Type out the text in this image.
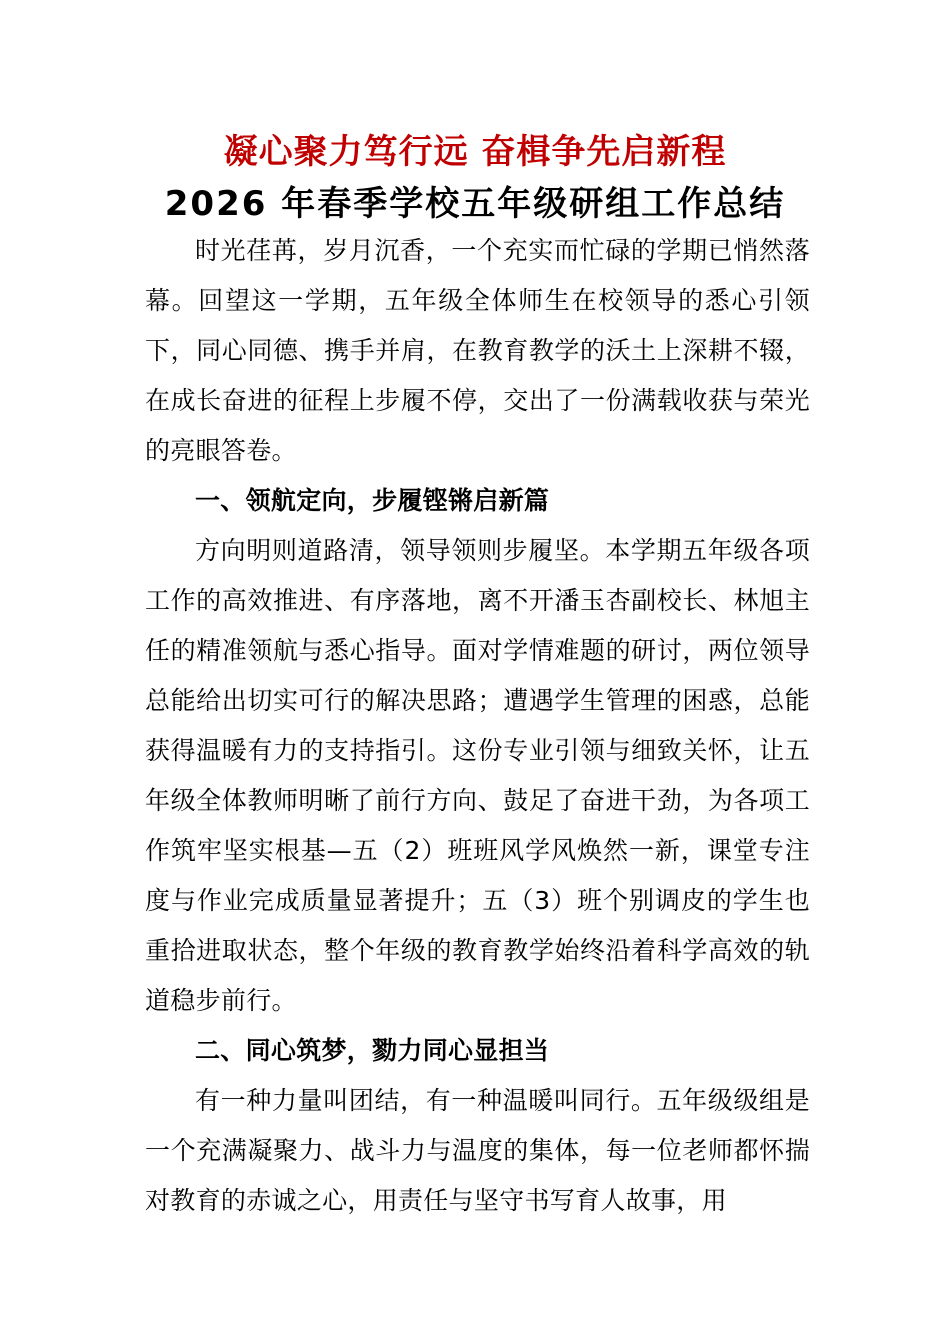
凝心聚力笃行远 奋楫争先启新程
2026 年春季学校五年级研组工作总结

时光荏苒，岁月沉香，一个充实而忙碌的学期已悄然落幕。回望这一学期，五年级全体师生在校领导的悉心引领下，同心同德、携手并肩，在教育教学的沃土上深耕不辍，在成长奋进的征程上步履不停，交出了一份满载收获与荣光的亮眼答卷。

一、领航定向，步履铿锵启新篇

方向明则道路清，领导领则步履坚。本学期五年级各项工作的高效推进、有序落地，离不开潘玉杏副校长、林旭主任的精准领航与悉心指导。面对学情难题的研讨，两位领导总能给出切实可行的解决思路；遭遇学生管理的困惑，总能获得温暖有力的支持指引。这份专业引领与细致关怀，让五年级全体教师明晰了前行方向、鼓足了奋进干劲，为各项工作筑牢坚实根基—五（2）班班风学风焕然一新，课堂专注度与作业完成质量显著提升；五（3）班个别调皮的学生也重拾进取状态，整个年级的教育教学始终沿着科学高效的轨道稳步前行。

二、同心筑梦，勠力同心显担当

有一种力量叫团结，有一种温暖叫同行。五年级级组是一个充满凝聚力、战斗力与温度的集体，每一位老师都怀揣对教育的赤诚之心，用责任与坚守书写育人故事，用
